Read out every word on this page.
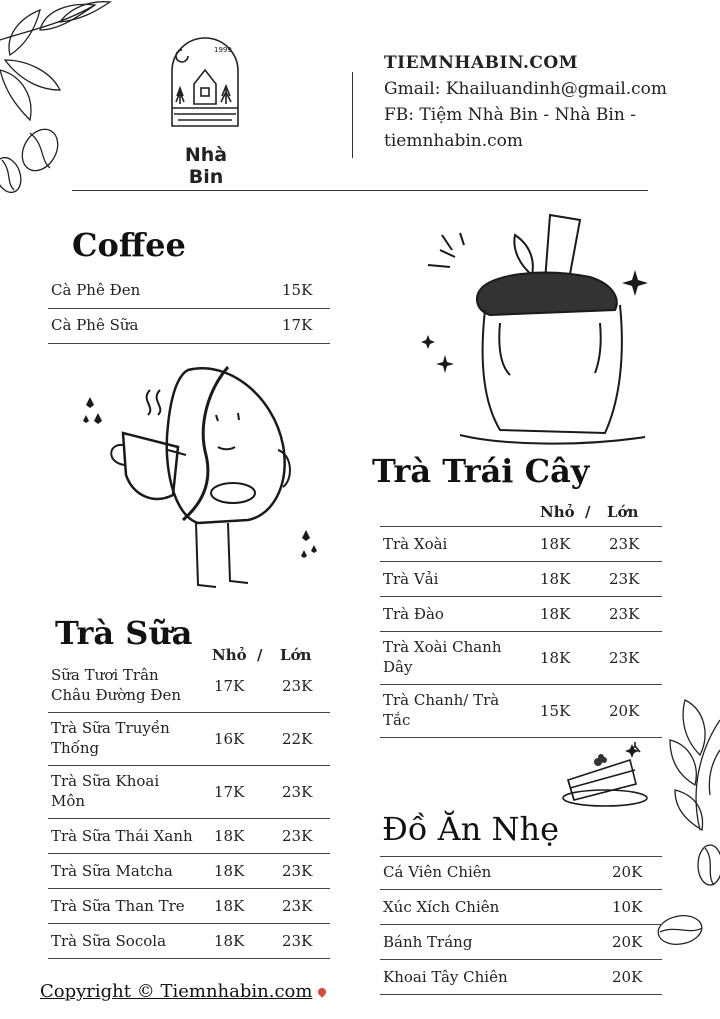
1999
Nhà Bin
TIEMNHABIN.COM
Gmail: Khailuandinh@gmail.com
FB: Tiệm Nhà Bin - Nhà Bin -
tiemnhabin.com
Coffee
Cà Phê Đen	15K
Cà Phê Sữa	17K
Trà Sữa
Nhỏ / Lớn
Sữa Tươi Trân
Châu Đường Đen 17K	23K
Trà Sữa Truyền
Thống	16K	22K
Trà Sữa Khoai
Môn	17K	23K
Trà Sữa Thái Xanh 18K	23K
Trà Sữa Matcha	18K	23K
Trà Sữa Than Tre 18K	23K
Trà Sữa Socola	18K	23K
Trà Trái Cây
Nhỏ / Lớn
Trà Xoài	18K	23K
Trà Vải	18K	23K
Trà Đào	18K	23K
Trà Xoài Chanh
Dây	18K	23K
Trà Chanh/ Trà
Tắc	15K	20K
Đồ Ăn Nhẹ
Cá Viên Chiên	20K
Xúc Xích Chiên	10K
Bánh Tráng	20K
Khoai Tây Chiên	20K
Copyright © Tiemnhabin.com
